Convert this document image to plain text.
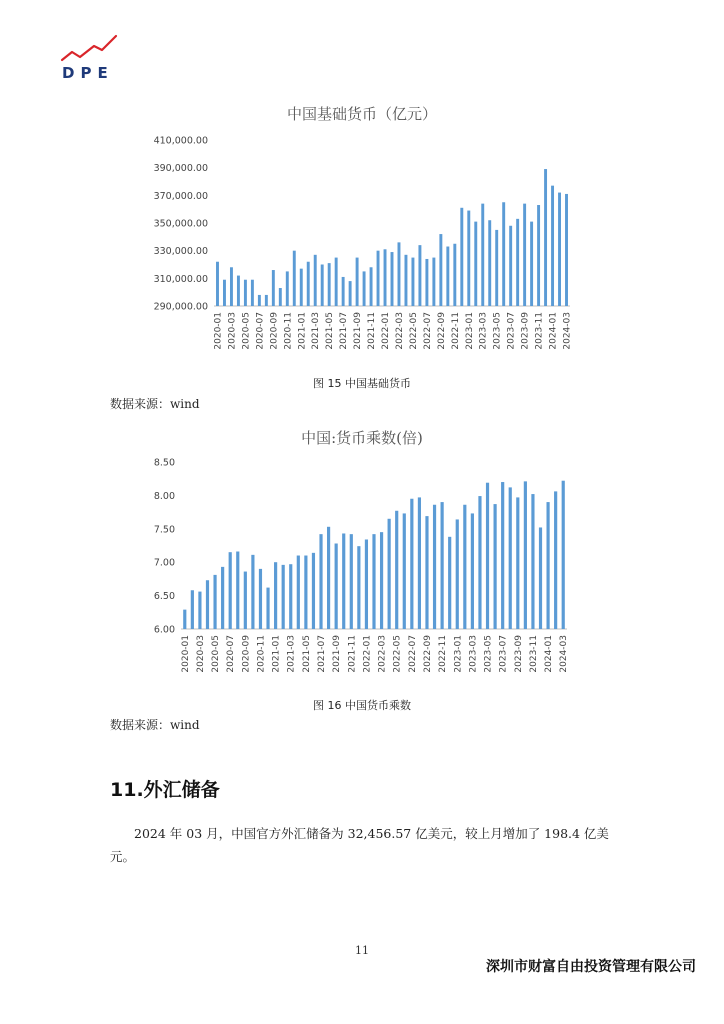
DPE
中国基础货币（亿元）
410,000.00
390,000.00
370,000.00
350,000.00
330,000.00
310,000.00
290,000.00
2020-01 2020-03 2020-05 2020-07 2020-09 2020-11 2021-01 2021-03 2021-05 2021-07 2021-09 2021-11 2022-01 2022-03 2022-05 2022-07 2022-09 2022-11 2023-01 2023-03 2023-05 2023-07 2023-09 2023-11 2024-01 2024-03
图 15 中国基础货币
数据来源：wind
中国:货币乘数(倍)
8.50
8.00
7.50
7.00
6.50
6.00
2020-01 2020-03 2020-05 2020-07 2020-09 2020-11 2021-01 2021-03 2021-05 2021-07 2021-09 2021-11 2022-01 2022-03 2022-05 2022-07 2022-09 2022-11 2023-01 2023-03 2023-05 2023-07 2023-09 2023-11 2024-01 2024-03
图 16 中国货币乘数
数据来源：wind
11.外汇储备
2024 年 03 月，中国官方外汇储备为 32,456.57 亿美元，较上月增加了 198.4 亿美元。
11
深圳市财富自由投资管理有限公司
